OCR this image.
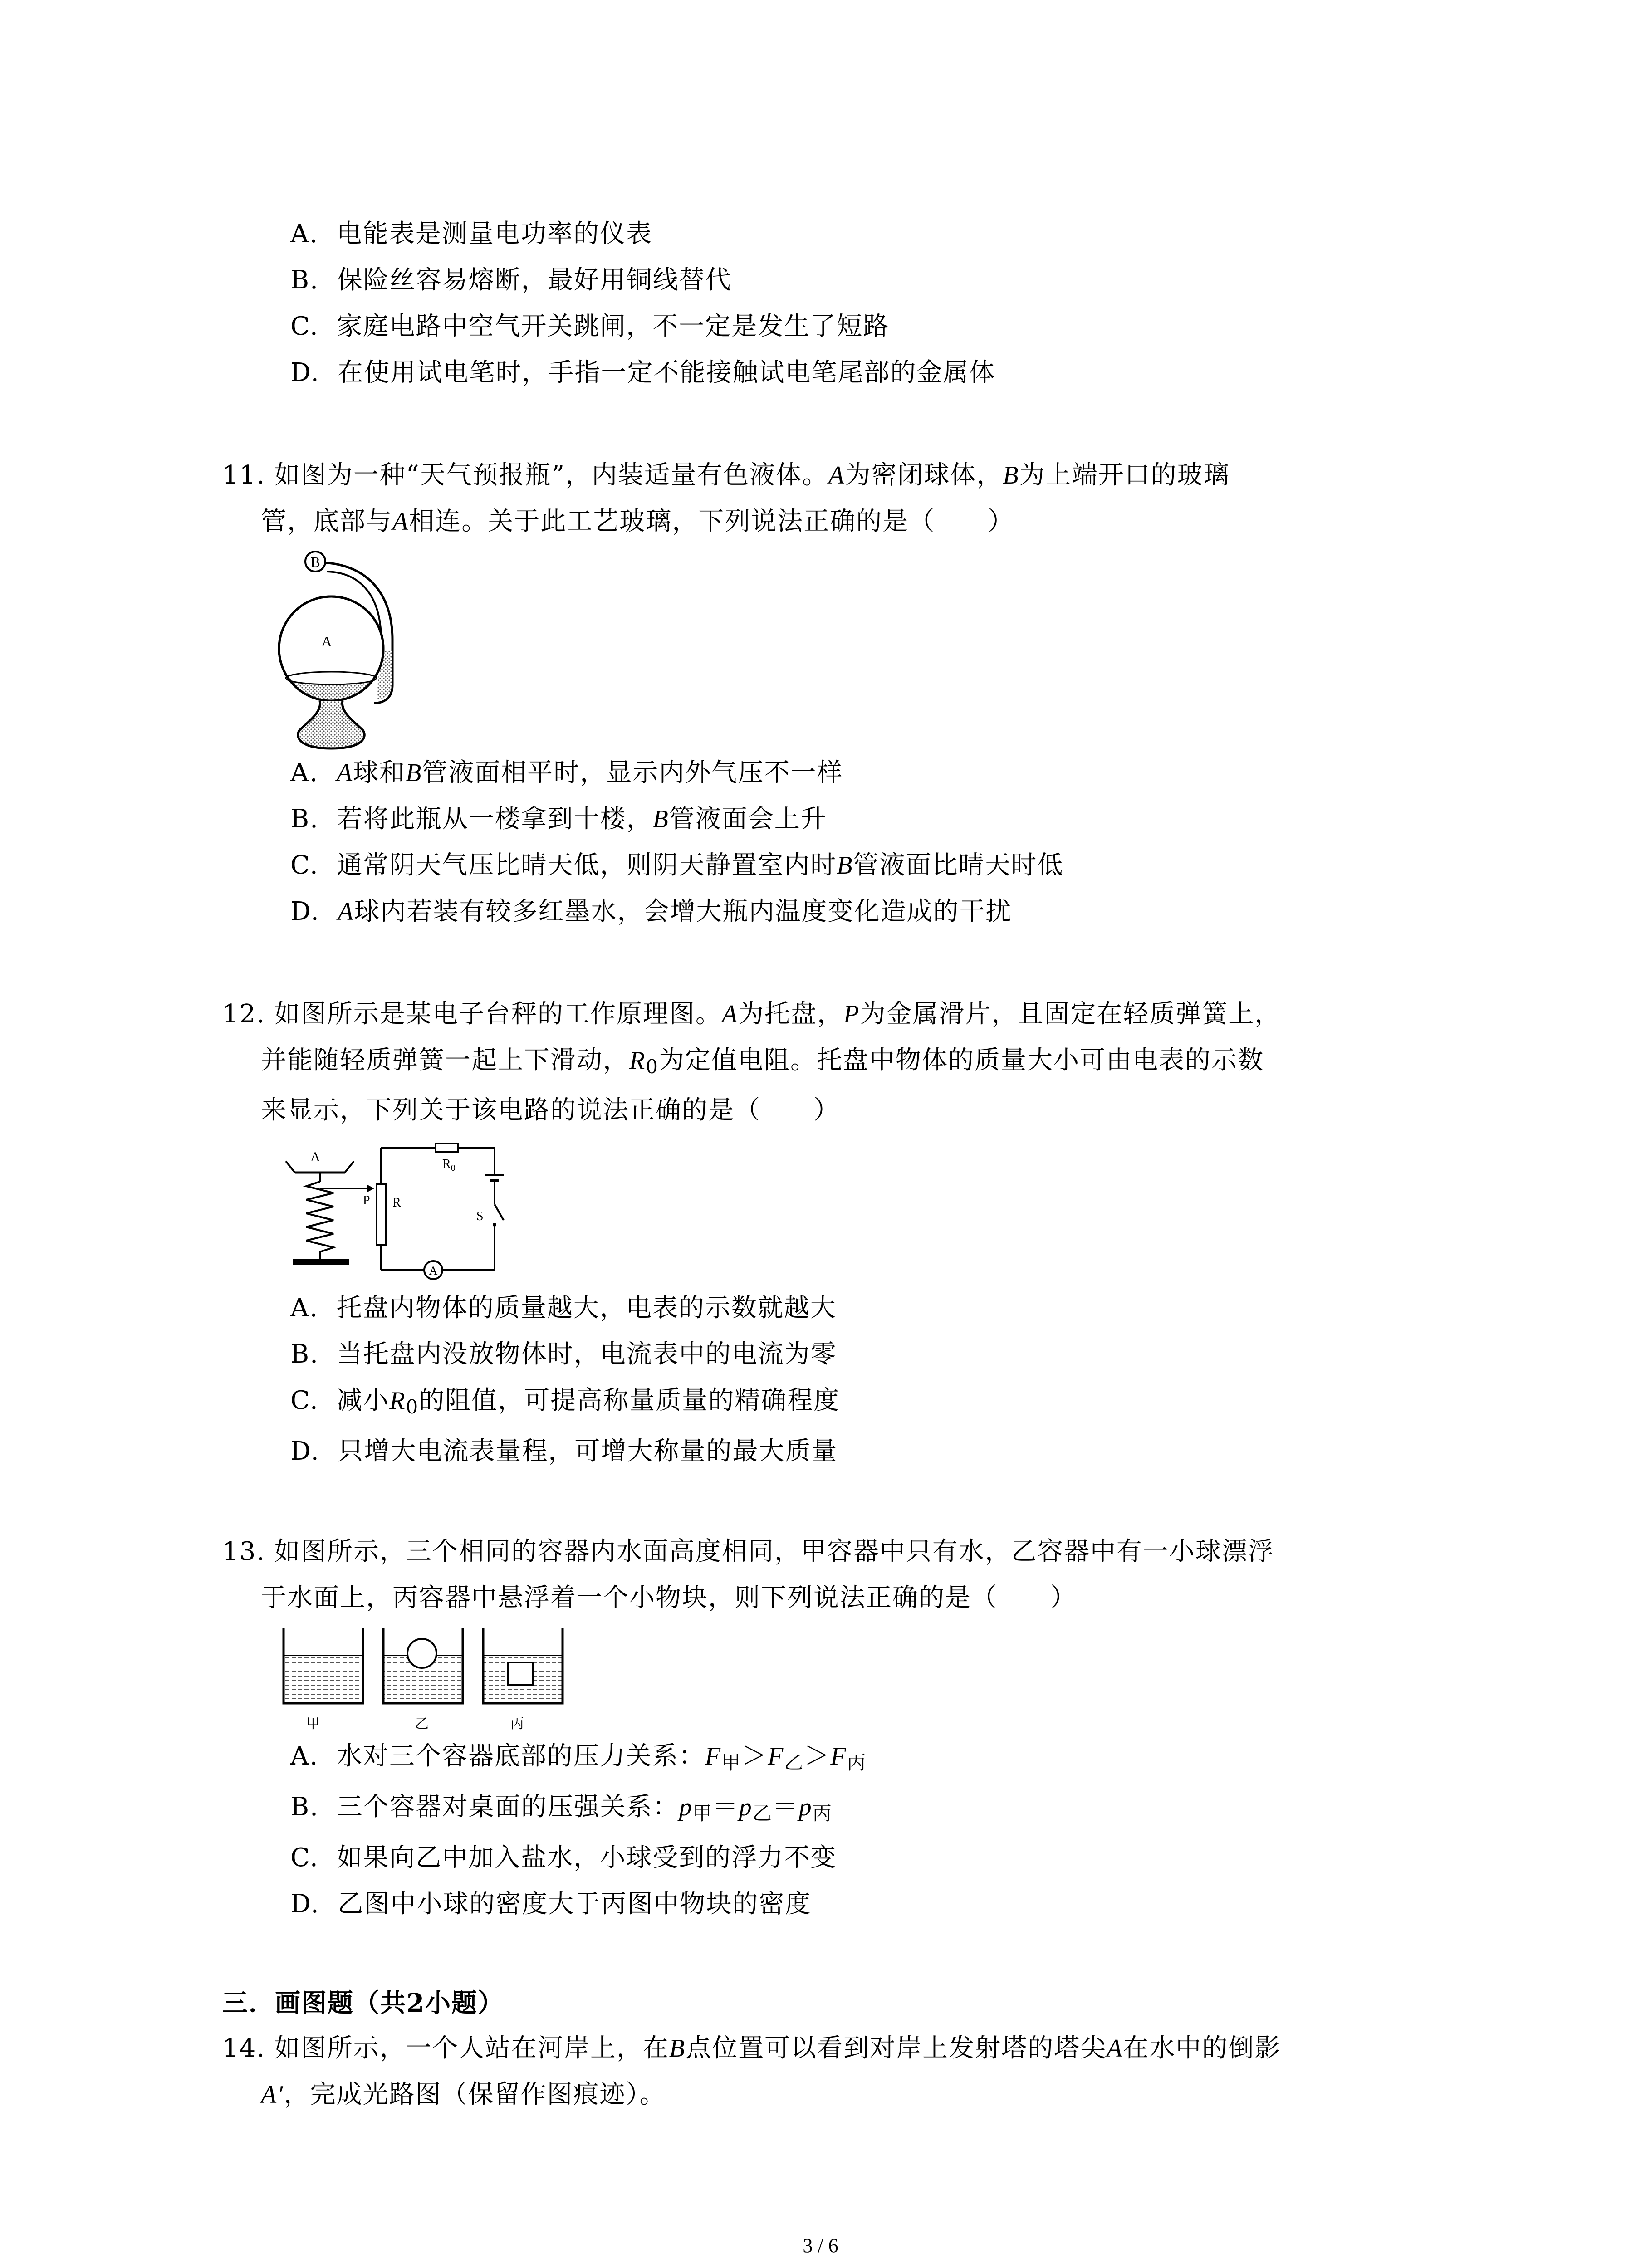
A. 电能表是测量电功率的仪表
B. 保险丝容易熔断，最好用铜线替代
C. 家庭电路中空气开关跳闸，不一定是发生了短路
D. 在使用试电笔时，手指一定不能接触试电笔尾部的金属体
11. 如图为一种“天气预报瓶”，内装适量有色液体。A为密闭球体，B为上端开口的玻璃
管，底部与A相连。关于此工艺玻璃，下列说法正确的是（　　）
B
A
A. A球和B管液面相平时，显示内外气压不一样
B. 若将此瓶从一楼拿到十楼，B管液面会上升
C. 通常阴天气压比晴天低，则阴天静置室内时B管液面比晴天时低
D. A球内若装有较多红墨水，会增大瓶内温度变化造成的干扰
12. 如图所示是某电子台秤的工作原理图。A为托盘，P为金属滑片，且固定在轻质弹簧上，
并能随轻质弹簧一起上下滑动，R0为定值电阻。托盘中物体的质量大小可由电表的示数
来显示，下列关于该电路的说法正确的是（　　）
A
P R
$R_0$
S
A
A. 托盘内物体的质量越大，电表的示数就越大
B. 当托盘内没放物体时，电流表中的电流为零
C. 减小R0的阻值，可提高称量质量的精确程度
D. 只增大电流表量程，可增大称量的最大质量
13. 如图所示，三个相同的容器内水面高度相同，甲容器中只有水，乙容器中有一小球漂浮
于水面上，丙容器中悬浮着一个小物块，则下列说法正确的是（　　）
甲	乙	丙
A. 水对三个容器底部的压力关系：F甲＞F乙＞F丙
B. 三个容器对桌面的压强关系：p甲＝p乙＝p丙
C. 如果向乙中加入盐水，小球受到的浮力不变
D. 乙图中小球的密度大于丙图中物块的密度
三．画图题（共2小题）
14. 如图所示，一个人站在河岸上，在B点位置可以看到对岸上发射塔的塔尖A在水中的倒影
A′，完成光路图（保留作图痕迹）。
3 / 6
